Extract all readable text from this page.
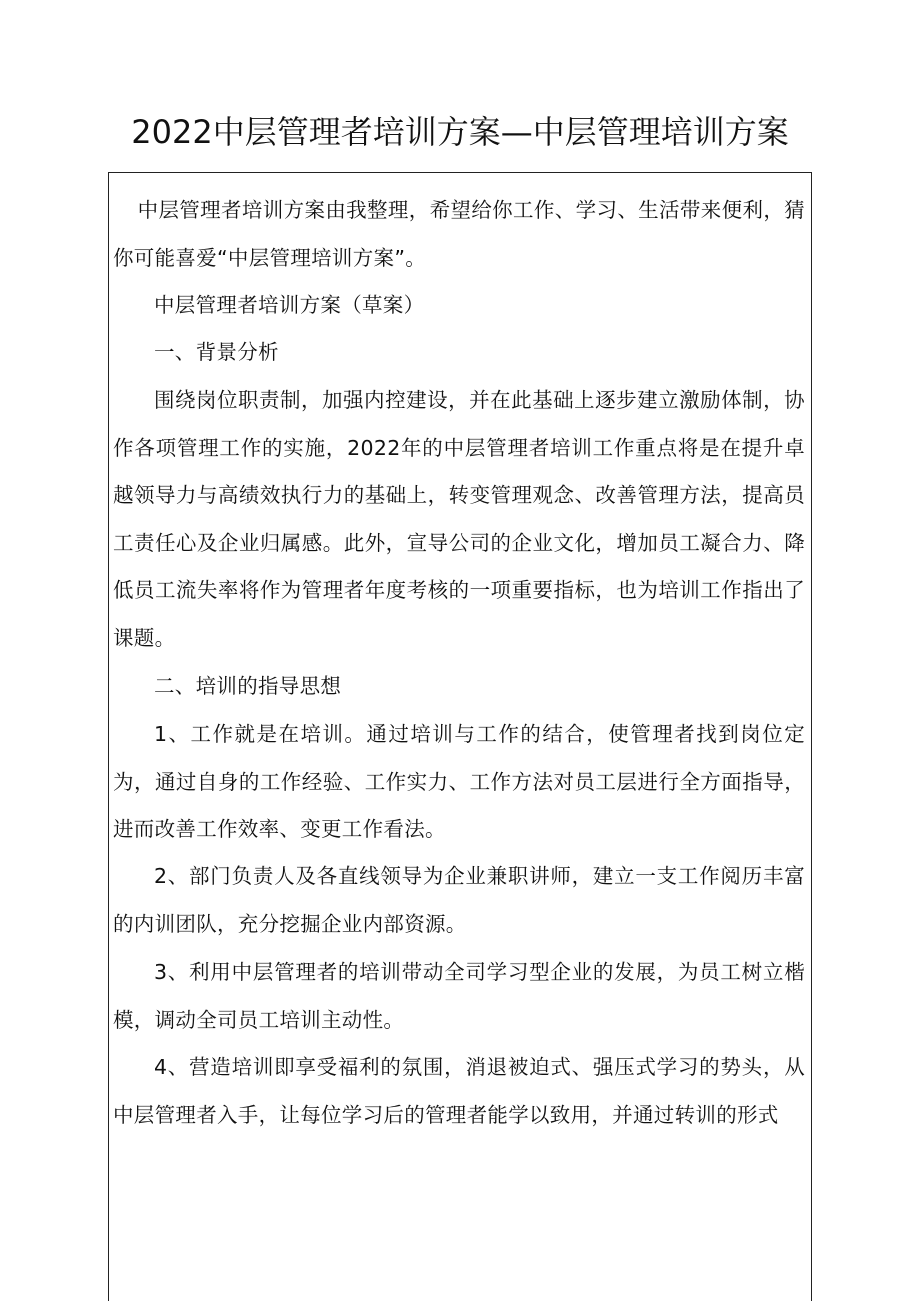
2022中层管理者培训方案—中层管理培训方案

中层管理者培训方案由我整理，希望给你工作、学习、生活带来便利，猜你可能喜爱“中层管理培训方案”。

中层管理者培训方案（草案）

一、背景分析

围绕岗位职责制，加强内控建设，并在此基础上逐步建立激励体制，协作各项管理工作的实施，2022年的中层管理者培训工作重点将是在提升卓越领导力与高绩效执行力的基础上，转变管理观念、改善管理方法，提高员工责任心及企业归属感。此外，宣导公司的企业文化，增加员工凝合力、降低员工流失率将作为管理者年度考核的一项重要指标，也为培训工作指出了课题。

二、培训的指导思想

1、工作就是在培训。通过培训与工作的结合，使管理者找到岗位定为，通过自身的工作经验、工作实力、工作方法对员工层进行全方面指导，进而改善工作效率、变更工作看法。

2、部门负责人及各直线领导为企业兼职讲师，建立一支工作阅历丰富的内训团队，充分挖掘企业内部资源。

3、利用中层管理者的培训带动全司学习型企业的发展，为员工树立楷模，调动全司员工培训主动性。

4、营造培训即享受福利的氛围，消退被迫式、强压式学习的势头，从中层管理者入手，让每位学习后的管理者能学以致用，并通过转训的形式
